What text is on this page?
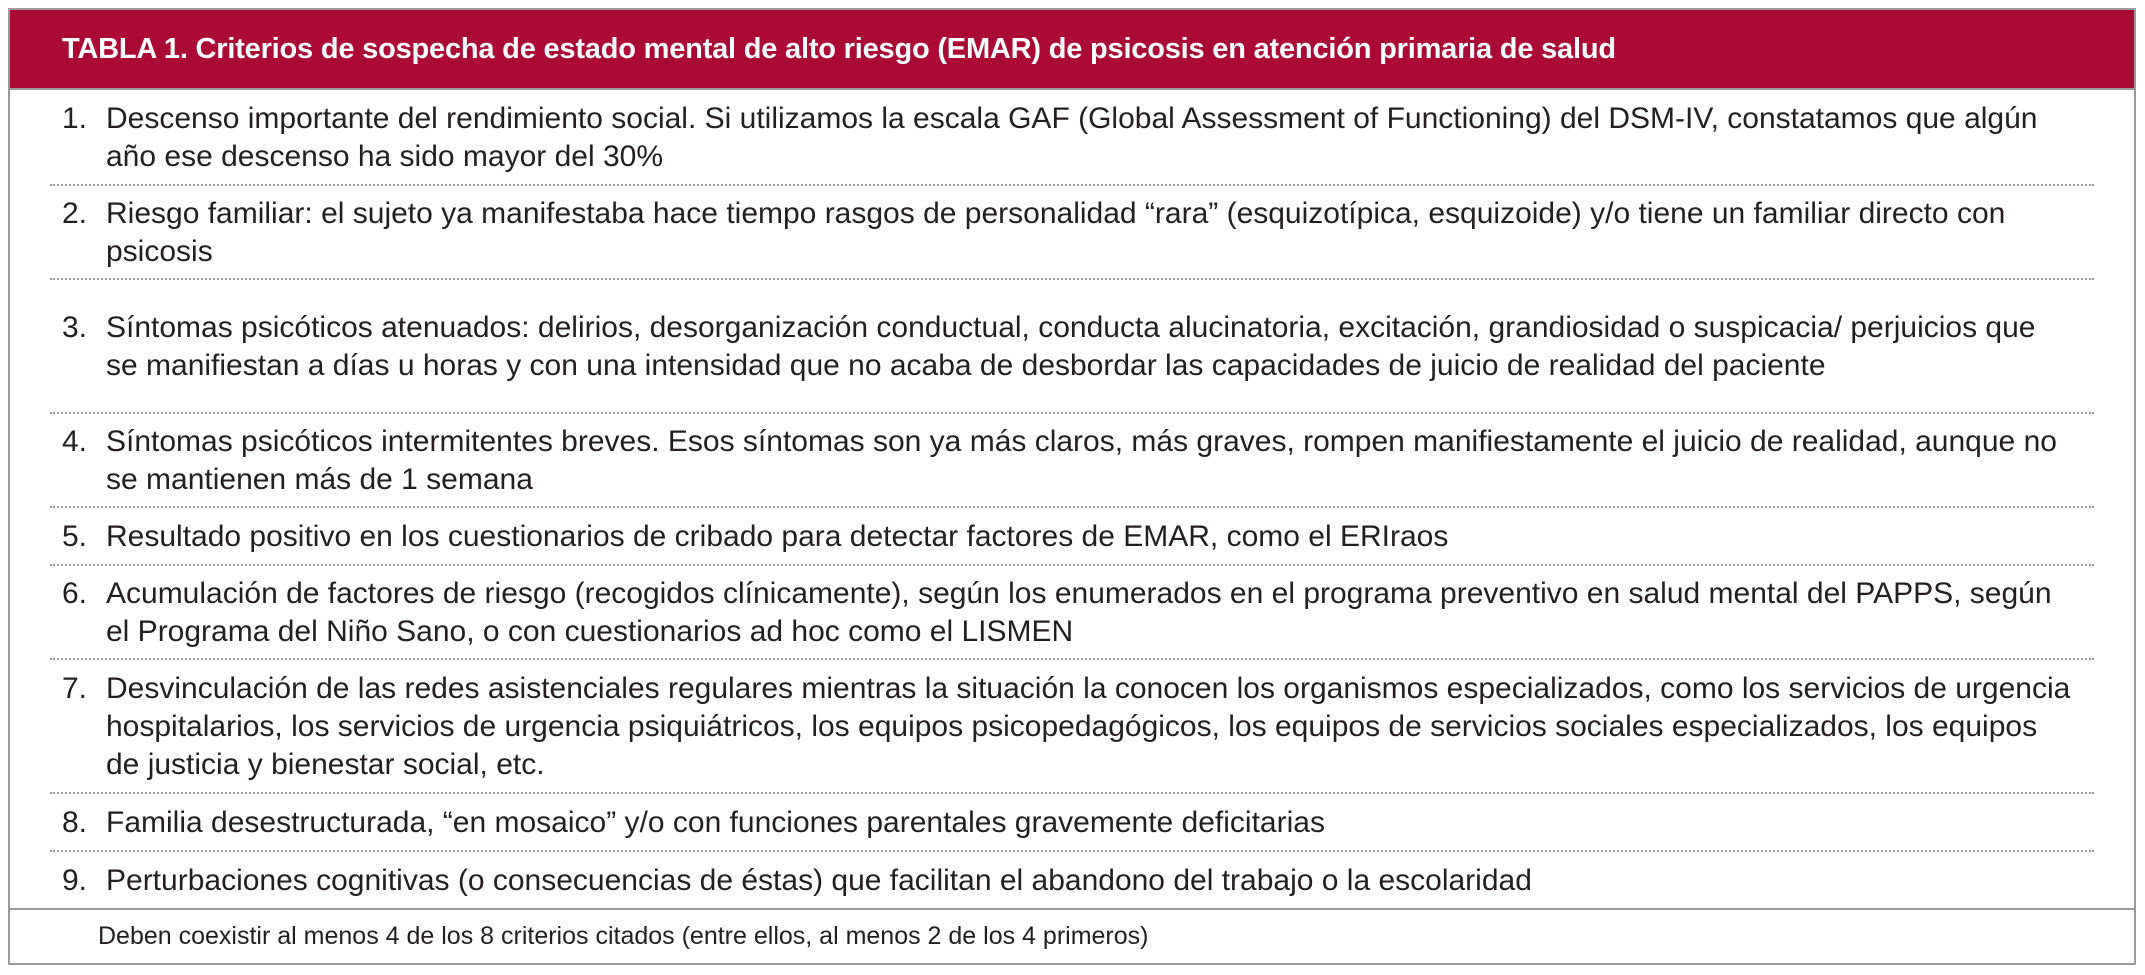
TABLA 1. Criterios de sospecha de estado mental de alto riesgo (EMAR) de psicosis en atención primaria de salud
1. Descenso importante del rendimiento social. Si utilizamos la escala GAF (Global Assessment of Functioning) del DSM-IV, constatamos que algún año ese descenso ha sido mayor del 30%
2. Riesgo familiar: el sujeto ya manifestaba hace tiempo rasgos de personalidad “rara” (esquizotípica, esquizoide) y/o tiene un familiar directo con psicosis
3. Síntomas psicóticos atenuados: delirios, desorganización conductual, conducta alucinatoria, excitación, grandiosidad o suspicacia/ perjuicios que se manifiestan a días u horas y con una intensidad que no acaba de desbordar las capacidades de juicio de realidad del paciente
4. Síntomas psicóticos intermitentes breves. Esos síntomas son ya más claros, más graves, rompen manifiestamente el juicio de realidad, aunque no se mantienen más de 1 semana
5. Resultado positivo en los cuestionarios de cribado para detectar factores de EMAR, como el ERIraos
6. Acumulación de factores de riesgo (recogidos clínicamente), según los enumerados en el programa preventivo en salud mental del PAPPS, según el Programa del Niño Sano, o con cuestionarios ad hoc como el LISMEN
7. Desvinculación de las redes asistenciales regulares mientras la situación la conocen los organismos especializados, como los servicios de urgencia hospitalarios, los servicios de urgencia psiquiátricos, los equipos psicopedagógicos, los equipos de servicios sociales especializados, los equipos de justicia y bienestar social, etc.
8. Familia desestructurada, “en mosaico” y/o con funciones parentales gravemente deficitarias
9. Perturbaciones cognitivas (o consecuencias de éstas) que facilitan el abandono del trabajo o la escolaridad
Deben coexistir al menos 4 de los 8 criterios citados (entre ellos, al menos 2 de los 4 primeros)
